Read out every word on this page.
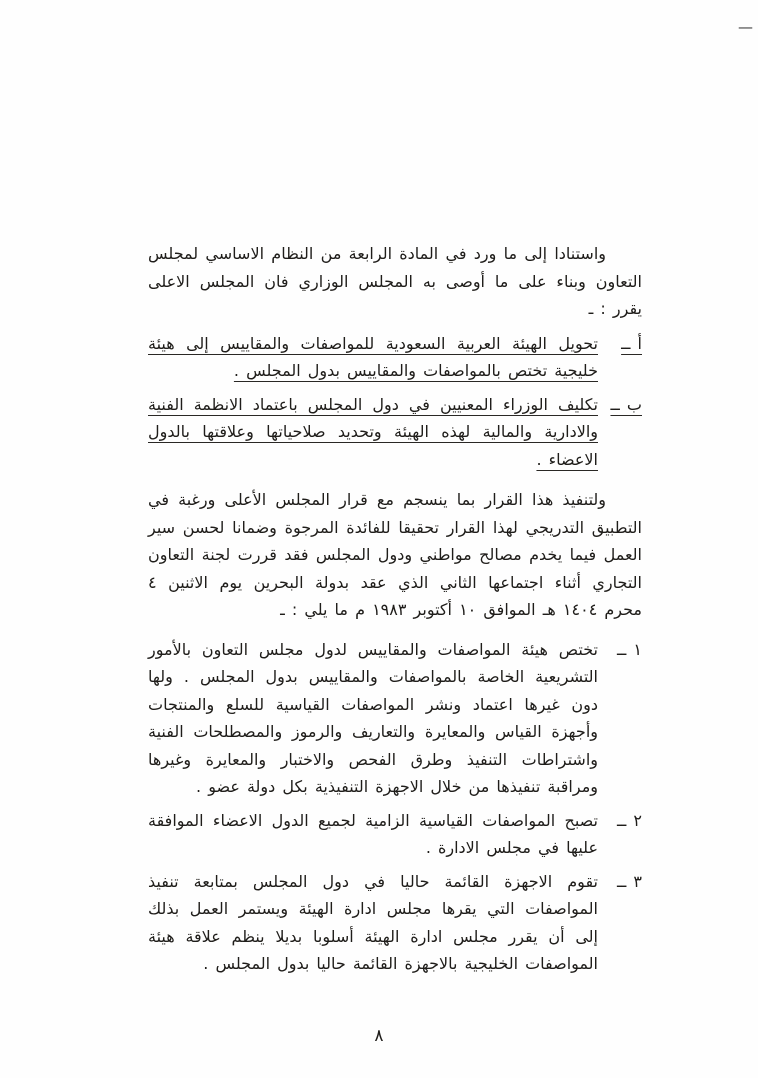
—

واستنادا إلى ما ورد في المادة الرابعة من النظام الاساسي لمجلس التعاون وبناء على ما أوصى به المجلس الوزاري فان المجلس الاعلى يقرر : ـ

أ ــ
تحويل الهيئة العربية السعودية للمواصفات والمقاييس إلى هيئة خليجية تختص بالمواصفات والمقاييس بدول المجلس .
ب ــ
تكليف الوزراء المعنيين في دول المجلس باعتماد الانظمة الفنية والادارية والمالية لهذه الهيئة وتحديد صلاحياتها وعلاقتها بالدول الاعضاء .

ولتنفيذ هذا القرار بما ينسجم مع قرار المجلس الأعلى ورغبة في التطبيق التدريجي لهذا القرار تحقيقا للفائدة المرجوة وضمانا لحسن سير العمل فيما يخدم مصالح مواطني ودول المجلس فقد قررت لجنة التعاون التجاري أثناء اجتماعها الثاني الذي عقد بدولة البحرين يوم الاثنين ٤ محرم ١٤٠٤ هـ الموافق ١٠ أكتوبر ١٩٨٣ م ما يلي : ـ

١ ــ
تختص هيئة المواصفات والمقاييس لدول مجلس التعاون بالأمور التشريعية الخاصة بالمواصفات والمقاييس بدول المجلس . ولها دون غيرها اعتماد ونشر المواصفات القياسية للسلع والمنتجات وأجهزة القياس والمعايرة والتعاريف والرموز والمصطلحات الفنية واشتراطات التنفيذ وطرق الفحص والاختبار والمعايرة وغيرها ومراقبة تنفيذها من خلال الاجهزة التنفيذية بكل دولة عضو .
٢ ــ
تصبح المواصفات القياسية الزامية لجميع الدول الاعضاء الموافقة عليها في مجلس الادارة .
٣ ــ
تقوم الاجهزة القائمة حاليا في دول المجلس بمتابعة تنفيذ المواصفات التي يقرها مجلس ادارة الهيئة ويستمر العمل بذلك إلى أن يقرر مجلس ادارة الهيئة أسلوبا بديلا ينظم علاقة هيئة المواصفات الخليجية بالاجهزة القائمة حاليا بدول المجلس .
٨
